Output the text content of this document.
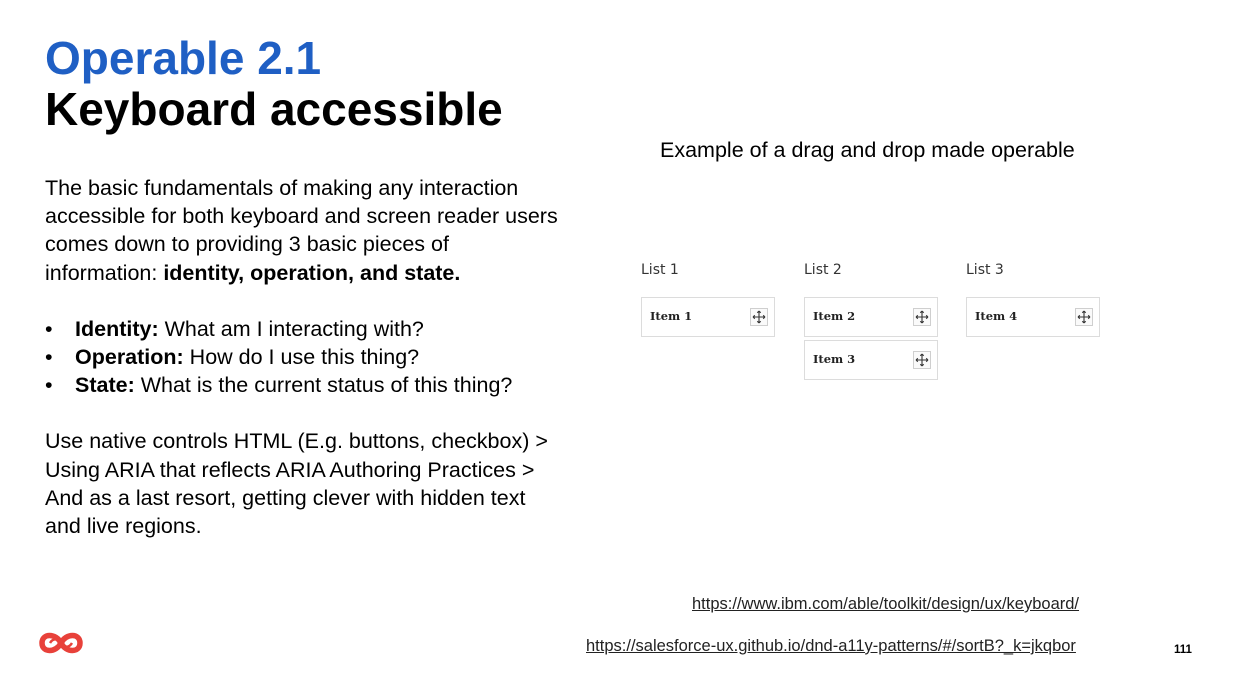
Operable 2.1
Keyboard accessible

The basic fundamentals of making any interaction accessible for both keyboard and screen reader users comes down to providing 3 basic pieces of information: identity, operation, and state.

• Identity: What am I interacting with?
• Operation: How do I use this thing?
• State: What is the current status of this thing?

Use native controls HTML (E.g. buttons, checkbox) > Using ARIA that reflects ARIA Authoring Practices > And as a last resort, getting clever with hidden text and live regions.

Example of a drag and drop made operable
List 1
Item 1
List 2
Item 2
Item 3
List 3
Item 4
https://www.ibm.com/able/toolkit/design/ux/keyboard/
https://salesforce-ux.github.io/dnd-a11y-patterns/#/sortB?_k=jkqbor	111
